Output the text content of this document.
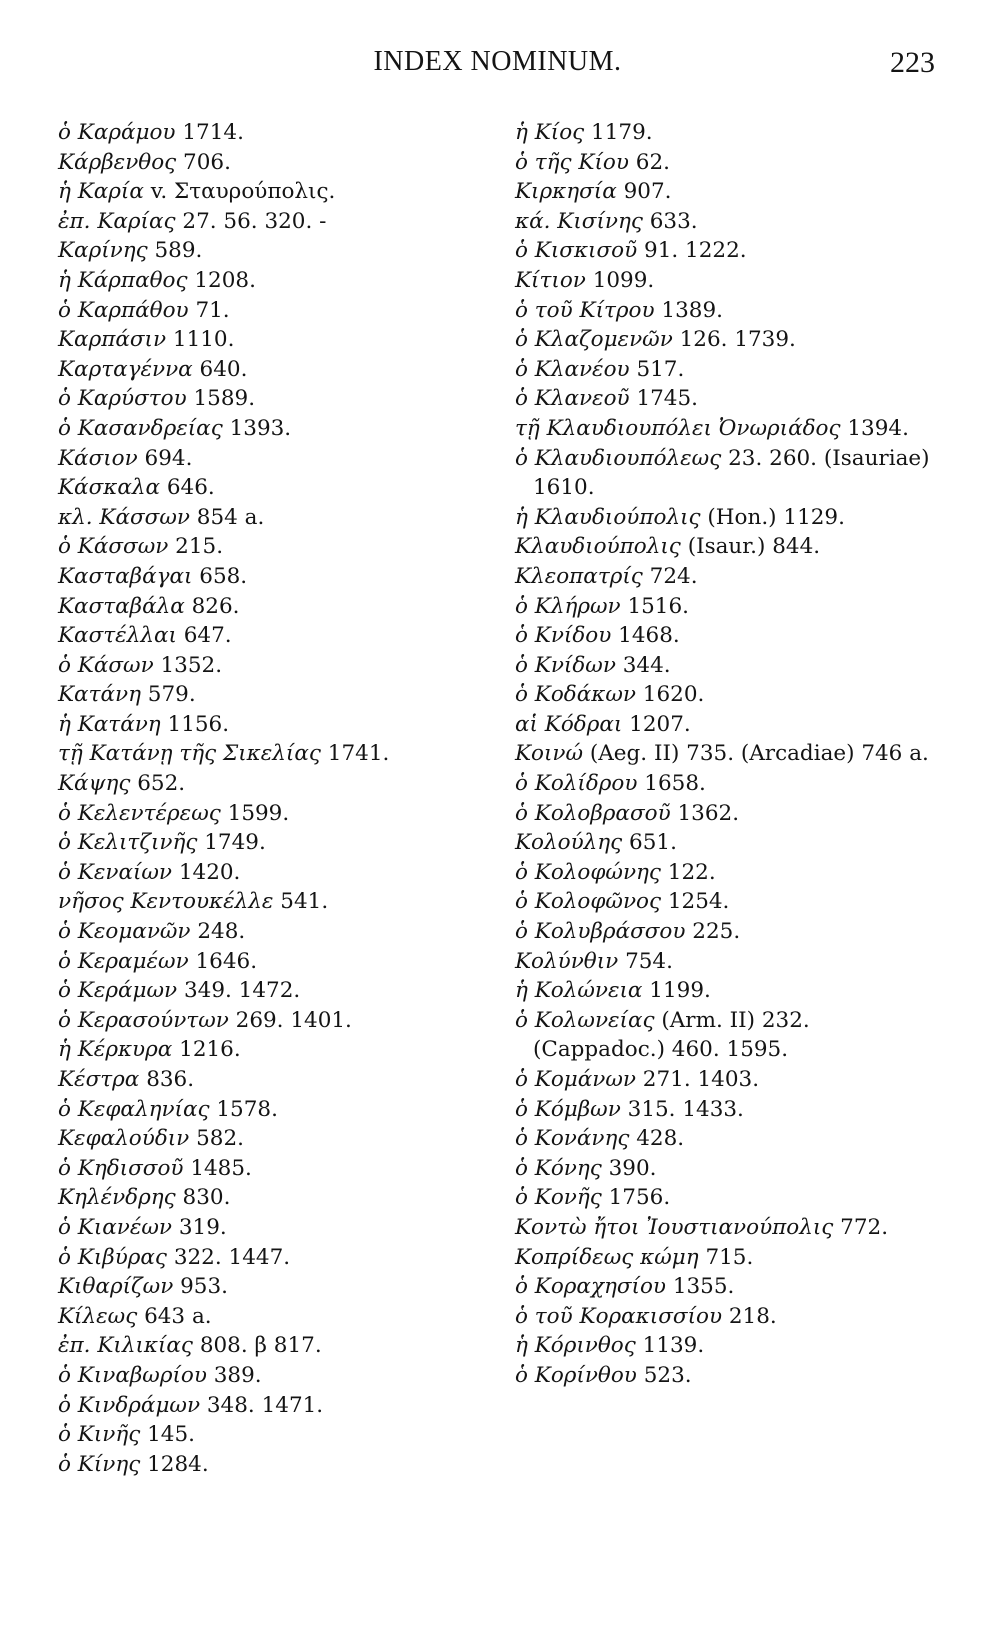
INDEX NOMINUM.	223
ὁ Καράμου 1714.
Κάρβενθος 706.
ἡ Καρία v. Σταυρούπολις.
ἐπ. Καρίας 27. 56. 320. -
Καρίνης 589.
ἡ Κάρπαθος 1208.
ὁ Καρπάθου 71.
Καρπάσιν 1110.
Καρταγέννα 640.
ὁ Καρύστου 1589.
ὁ Κασανδρείας 1393.
Κάσιον 694.
Κάσκαλα 646.
κλ. Κάσσων 854 a.
ὁ Κάσσων 215.
Κασταβάγαι 658.
Κασταβάλα 826.
Καστέλλαι 647.
ὁ Κάσων 1352.
Κατάνη 579.
ἡ Κατάνη 1156.
τῇ Κατάνῃ τῆς Σικελίας 1741.
Κάψης 652.
ὁ Κελεντέρεως 1599.
ὁ Κελιτζινῆς 1749.
ὁ Κεναίων 1420.
νῆσος Κεντουκέλλε 541.
ὁ Κεομανῶν 248.
ὁ Κεραμέων 1646.
ὁ Κεράμων 349. 1472.
ὁ Κερασούντων 269. 1401.
ἡ Κέρκυρα 1216.
Κέστρα 836.
ὁ Κεφαληνίας 1578.
Κεφαλούδιν 582.
ὁ Κηδισσοῦ 1485.
Κηλένδρης 830.
ὁ Κιανέων 319.
ὁ Κιβύρας 322. 1447.
Κιθαρίζων 953.
Κίλεως 643 a.
ἐπ. Κιλικίας 808. β 817.
ὁ Κιναβωρίου 389.
ὁ Κινδράμων 348. 1471.
ὁ Κινῆς 145.
ὁ Κίνης 1284.
ἡ Κίος 1179.
ὁ τῆς Κίου 62.
Κιρκησία 907.
κά. Κισίνης 633.
ὁ Κισκισοῦ 91. 1222.
Κίτιον 1099.
ὁ τοῦ Κίτρου 1389.
ὁ Κλαζομενῶν 126. 1739.
ὁ Κλανέου 517.
ὁ Κλανεοῦ 1745.
τῇ Κλαυδιουπόλει Ὀνωριάδος 1394.
ὁ Κλαυδιουπόλεως 23. 260. (Isauriae) 1610.
ἡ Κλαυδιούπολις (Hon.) 1129.
Κλαυδιούπολις (Isaur.) 844.
Κλεοπατρίς 724.
ὁ Κλήρων 1516.
ὁ Κνίδου 1468.
ὁ Κνίδων 344.
ὁ Κοδάκων 1620.
αἱ Κόδραι 1207.
Κοινώ (Aeg. II) 735. (Arcadiae) 746 a.
ὁ Κολίδρου 1658.
ὁ Κολοβρασοῦ 1362.
Κολούλης 651.
ὁ Κολοφώνης 122.
ὁ Κολοφῶνος 1254.
ὁ Κολυβράσσου 225.
Κολύνθιν 754.
ἡ Κολώνεια 1199.
ὁ Κολωνείας (Arm. II) 232. (Cappadoc.) 460. 1595.
ὁ Κομάνων 271. 1403.
ὁ Κόμβων 315. 1433.
ὁ Κονάνης 428.
ὁ Κόνης 390.
ὁ Κονῆς 1756.
Κοντὼ ἤτοι Ἰουστιανούπολις 772.
Κοπρίδεως κώμη 715.
ὁ Κοραχησίου 1355.
ὁ τοῦ Κορακισσίου 218.
ἡ Κόρινθος 1139.
ὁ Κορίνθου 523.
